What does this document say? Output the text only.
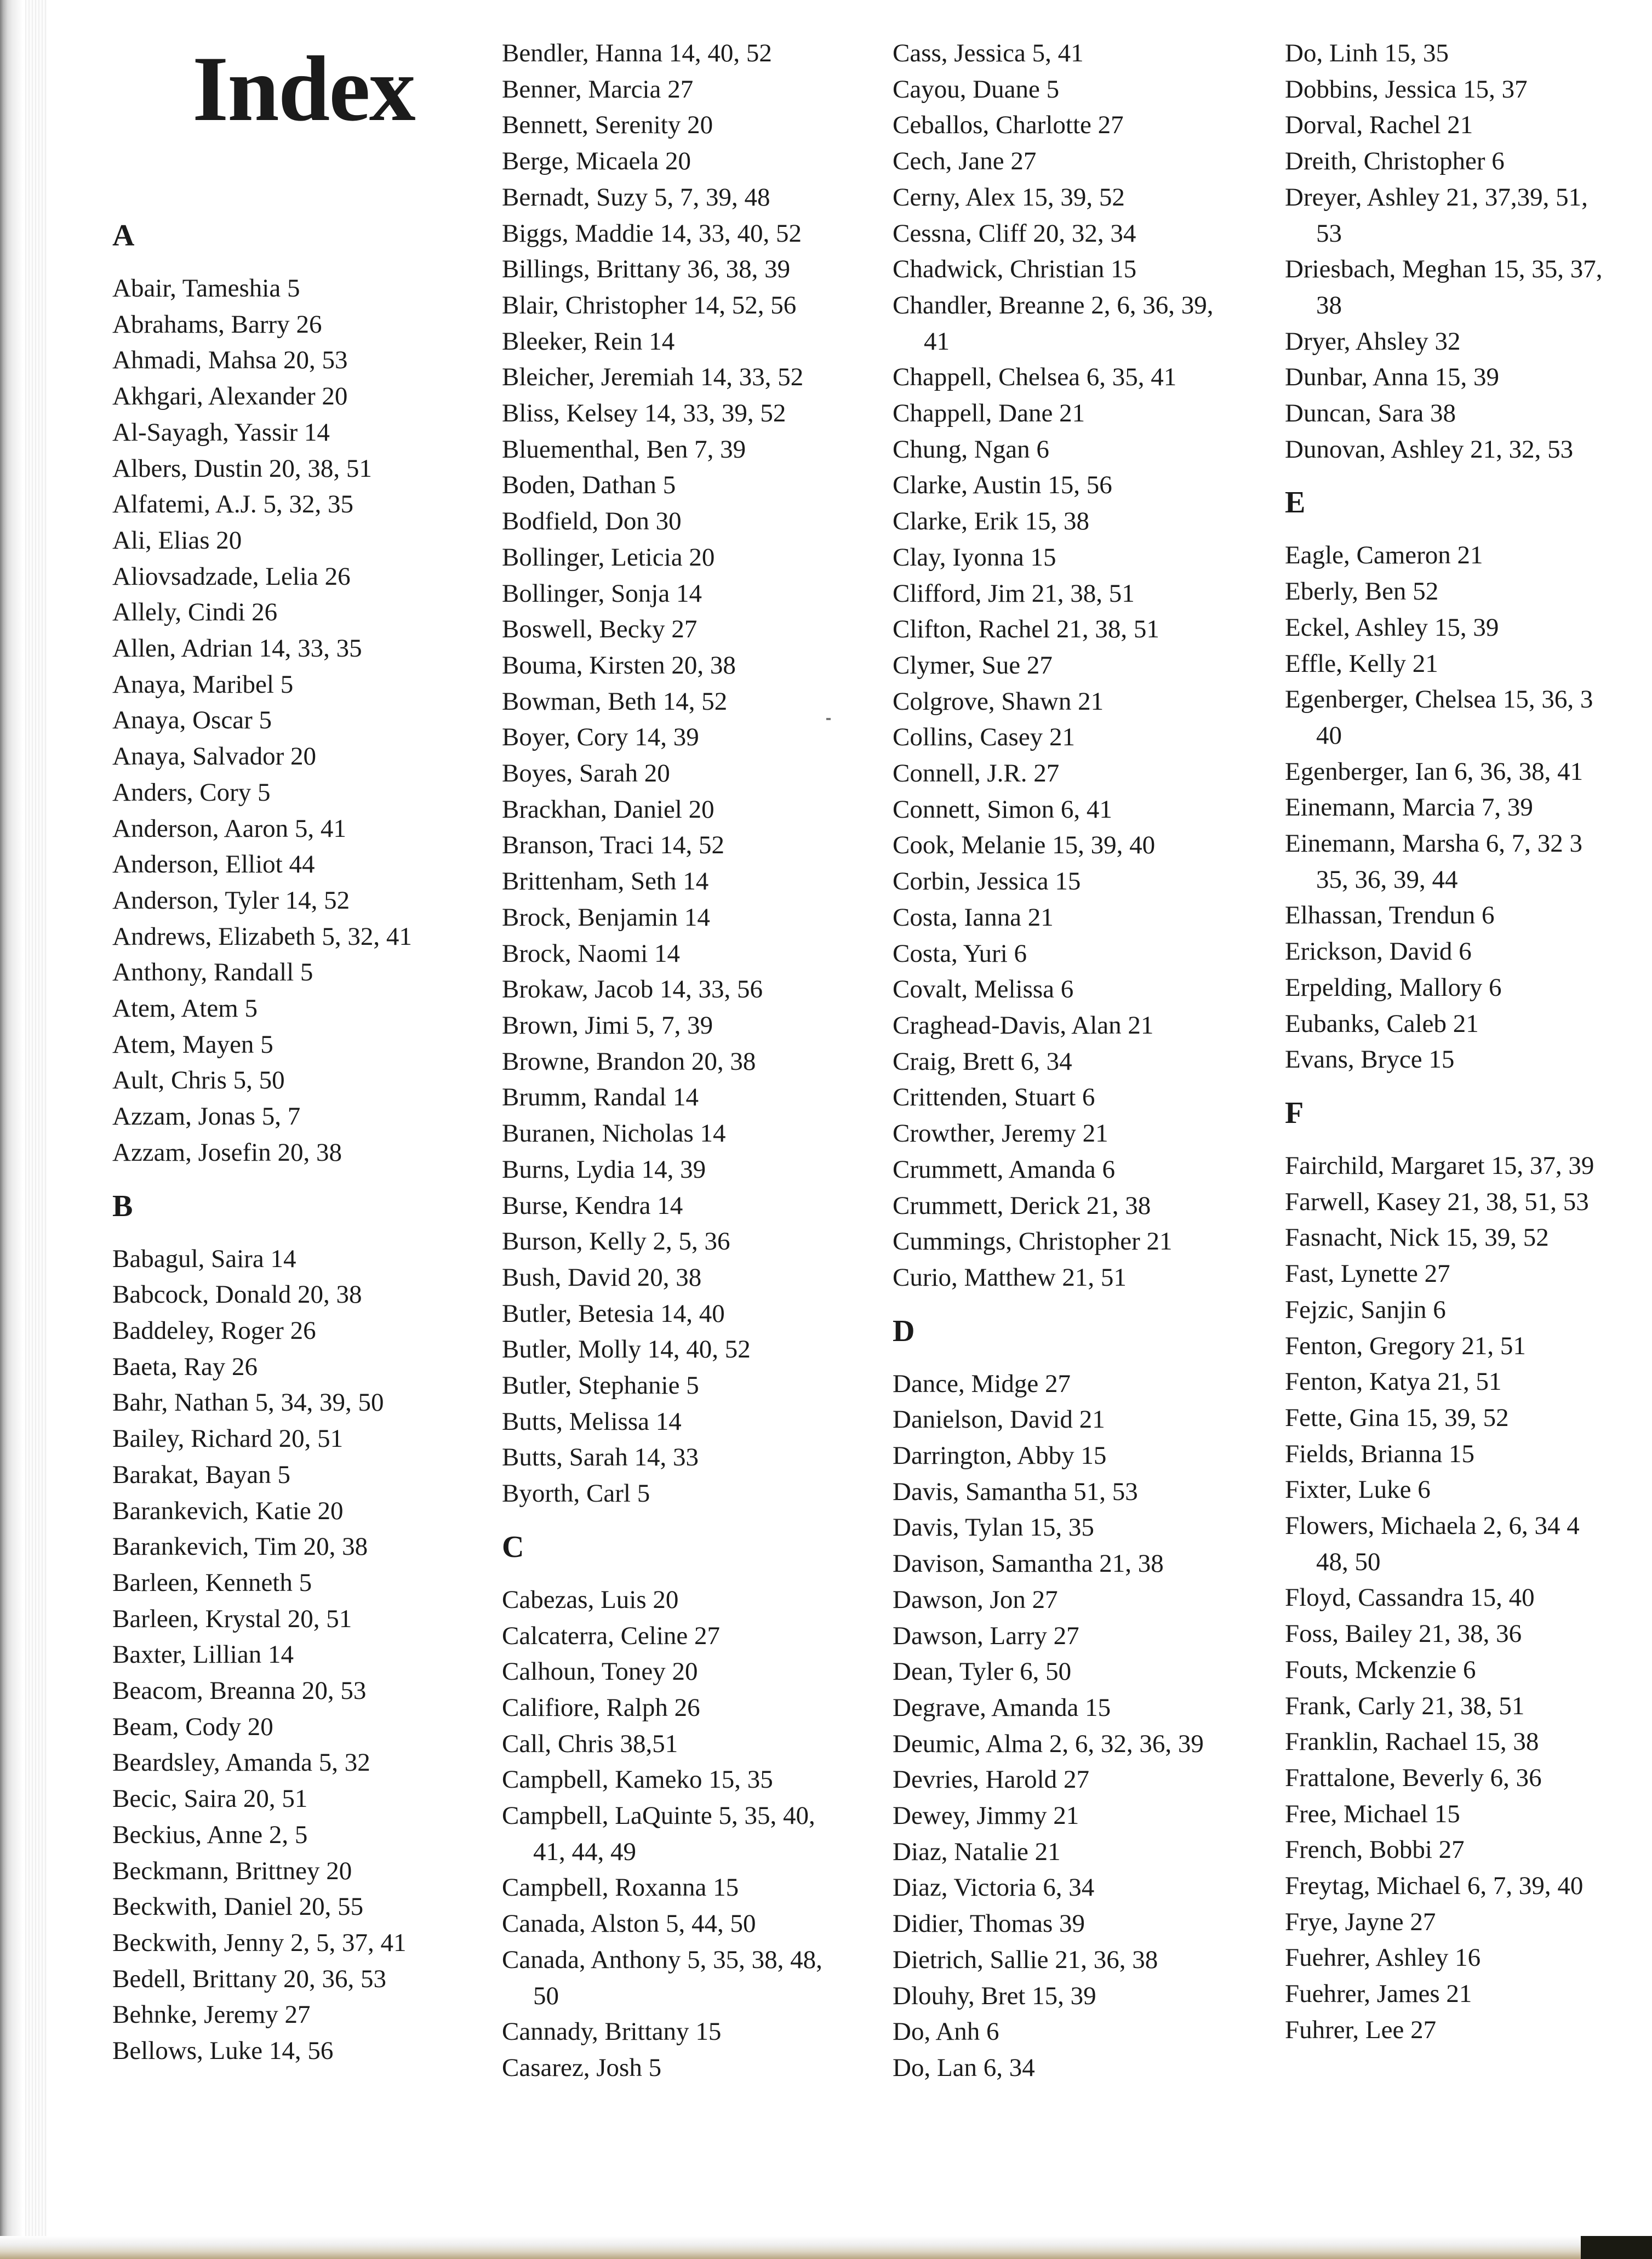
Index
A
Abair, Tameshia 5
Abrahams, Barry 26
Ahmadi, Mahsa 20, 53
Akhgari, Alexander 20
Al-Sayagh, Yassir 14
Albers, Dustin 20, 38, 51
Alfatemi, A.J. 5, 32, 35
Ali, Elias 20
Aliovsadzade, Lelia 26
Allely, Cindi 26
Allen, Adrian 14, 33, 35
Anaya, Maribel 5
Anaya, Oscar 5
Anaya, Salvador 20
Anders, Cory 5
Anderson, Aaron 5, 41
Anderson, Elliot 44
Anderson, Tyler 14, 52
Andrews, Elizabeth 5, 32, 41
Anthony, Randall 5
Atem, Atem 5
Atem, Mayen 5
Ault, Chris 5, 50
Azzam, Jonas 5, 7
Azzam, Josefin 20, 38
B
Babagul, Saira 14
Babcock, Donald 20, 38
Baddeley, Roger 26
Baeta, Ray 26
Bahr, Nathan 5, 34, 39, 50
Bailey, Richard 20, 51
Barakat, Bayan 5
Barankevich, Katie 20
Barankevich, Tim 20, 38
Barleen, Kenneth 5
Barleen, Krystal 20, 51
Baxter, Lillian 14
Beacom, Breanna 20, 53
Beam, Cody 20
Beardsley, Amanda 5, 32
Becic, Saira 20, 51
Beckius, Anne 2, 5
Beckmann, Brittney 20
Beckwith, Daniel 20, 55
Beckwith, Jenny 2, 5, 37, 41
Bedell, Brittany 20, 36, 53
Behnke, Jeremy 27
Bellows, Luke 14, 56
Bendler, Hanna 14, 40, 52
Benner, Marcia 27
Bennett, Serenity 20
Berge, Micaela 20
Bernadt, Suzy 5, 7, 39, 48
Biggs, Maddie 14, 33, 40, 52
Billings, Brittany 36, 38, 39
Blair, Christopher 14, 52, 56
Bleeker, Rein 14
Bleicher, Jeremiah 14, 33, 52
Bliss, Kelsey 14, 33, 39, 52
Bluementhal, Ben 7, 39
Boden, Dathan 5
Bodfield, Don 30
Bollinger, Leticia 20
Bollinger, Sonja 14
Boswell, Becky 27
Bouma, Kirsten 20, 38
Bowman, Beth 14, 52
Boyer, Cory 14, 39
Boyes, Sarah 20
Brackhan, Daniel 20
Branson, Traci 14, 52
Brittenham, Seth 14
Brock, Benjamin 14
Brock, Naomi 14
Brokaw, Jacob 14, 33, 56
Brown, Jimi 5, 7, 39
Browne, Brandon 20, 38
Brumm, Randal 14
Buranen, Nicholas 14
Burns, Lydia 14, 39
Burse, Kendra 14
Burson, Kelly 2, 5, 36
Bush, David 20, 38
Butler, Betesia 14, 40
Butler, Molly 14, 40, 52
Butler, Stephanie 5
Butts, Melissa 14
Butts, Sarah 14, 33
Byorth, Carl 5
C
Cabezas, Luis 20
Calcaterra, Celine 27
Calhoun, Toney 20
Califiore, Ralph 26
Call, Chris 38,51
Campbell, Kameko 15, 35
Campbell, LaQuinte 5, 35, 40,
41, 44, 49
Campbell, Roxanna 15
Canada, Alston 5, 44, 50
Canada, Anthony 5, 35, 38, 48,
50
Cannady, Brittany 15
Casarez, Josh 5
Cass, Jessica 5, 41
Cayou, Duane 5
Ceballos, Charlotte 27
Cech, Jane 27
Cerny, Alex 15, 39, 52
Cessna, Cliff 20, 32, 34
Chadwick, Christian 15
Chandler, Breanne 2, 6, 36, 39,
41
Chappell, Chelsea 6, 35, 41
Chappell, Dane 21
Chung, Ngan 6
Clarke, Austin 15, 56
Clarke, Erik 15, 38
Clay, Iyonna 15
Clifford, Jim 21, 38, 51
Clifton, Rachel 21, 38, 51
Clymer, Sue 27
Colgrove, Shawn 21
Collins, Casey 21
Connell, J.R. 27
Connett, Simon 6, 41
Cook, Melanie 15, 39, 40
Corbin, Jessica 15
Costa, Ianna 21
Costa, Yuri 6
Covalt, Melissa 6
Craghead-Davis, Alan 21
Craig, Brett 6, 34
Crittenden, Stuart 6
Crowther, Jeremy 21
Crummett, Amanda 6
Crummett, Derick 21, 38
Cummings, Christopher 21
Curio, Matthew 21, 51
D
Dance, Midge 27
Danielson, David 21
Darrington, Abby 15
Davis, Samantha 51, 53
Davis, Tylan 15, 35
Davison, Samantha 21, 38
Dawson, Jon 27
Dawson, Larry 27
Dean, Tyler 6, 50
Degrave, Amanda 15
Deumic, Alma 2, 6, 32, 36, 39
Devries, Harold 27
Dewey, Jimmy 21
Diaz, Natalie 21
Diaz, Victoria 6, 34
Didier, Thomas 39
Dietrich, Sallie 21, 36, 38
Dlouhy, Bret 15, 39
Do, Anh 6
Do, Lan 6, 34
Do, Linh 15, 35
Dobbins, Jessica 15, 37
Dorval, Rachel 21
Dreith, Christopher 6
Dreyer, Ashley 21, 37,39, 51,
53
Driesbach, Meghan 15, 35, 37,
38
Dryer, Ahsley 32
Dunbar, Anna 15, 39
Duncan, Sara 38
Dunovan, Ashley 21, 32, 53
E
Eagle, Cameron 21
Eberly, Ben 52
Eckel, Ashley 15, 39
Effle, Kelly 21
Egenberger, Chelsea 15, 36, 3
40
Egenberger, Ian 6, 36, 38, 41
Einemann, Marcia 7, 39
Einemann, Marsha 6, 7, 32 3
35, 36, 39, 44
Elhassan, Trendun 6
Erickson, David 6
Erpelding, Mallory 6
Eubanks, Caleb 21
Evans, Bryce 15
F
Fairchild, Margaret 15, 37, 39
Farwell, Kasey 21, 38, 51, 53
Fasnacht, Nick 15, 39, 52
Fast, Lynette 27
Fejzic, Sanjin 6
Fenton, Gregory 21, 51
Fenton, Katya 21, 51
Fette, Gina 15, 39, 52
Fields, Brianna 15
Fixter, Luke 6
Flowers, Michaela 2, 6, 34 4
48, 50
Floyd, Cassandra 15, 40
Foss, Bailey 21, 38, 36
Fouts, Mckenzie 6
Frank, Carly 21, 38, 51
Franklin, Rachael 15, 38
Frattalone, Beverly 6, 36
Free, Michael 15
French, Bobbi 27
Freytag, Michael 6, 7, 39, 40
Frye, Jayne 27
Fuehrer, Ashley 16
Fuehrer, James 21
Fuhrer, Lee 27
